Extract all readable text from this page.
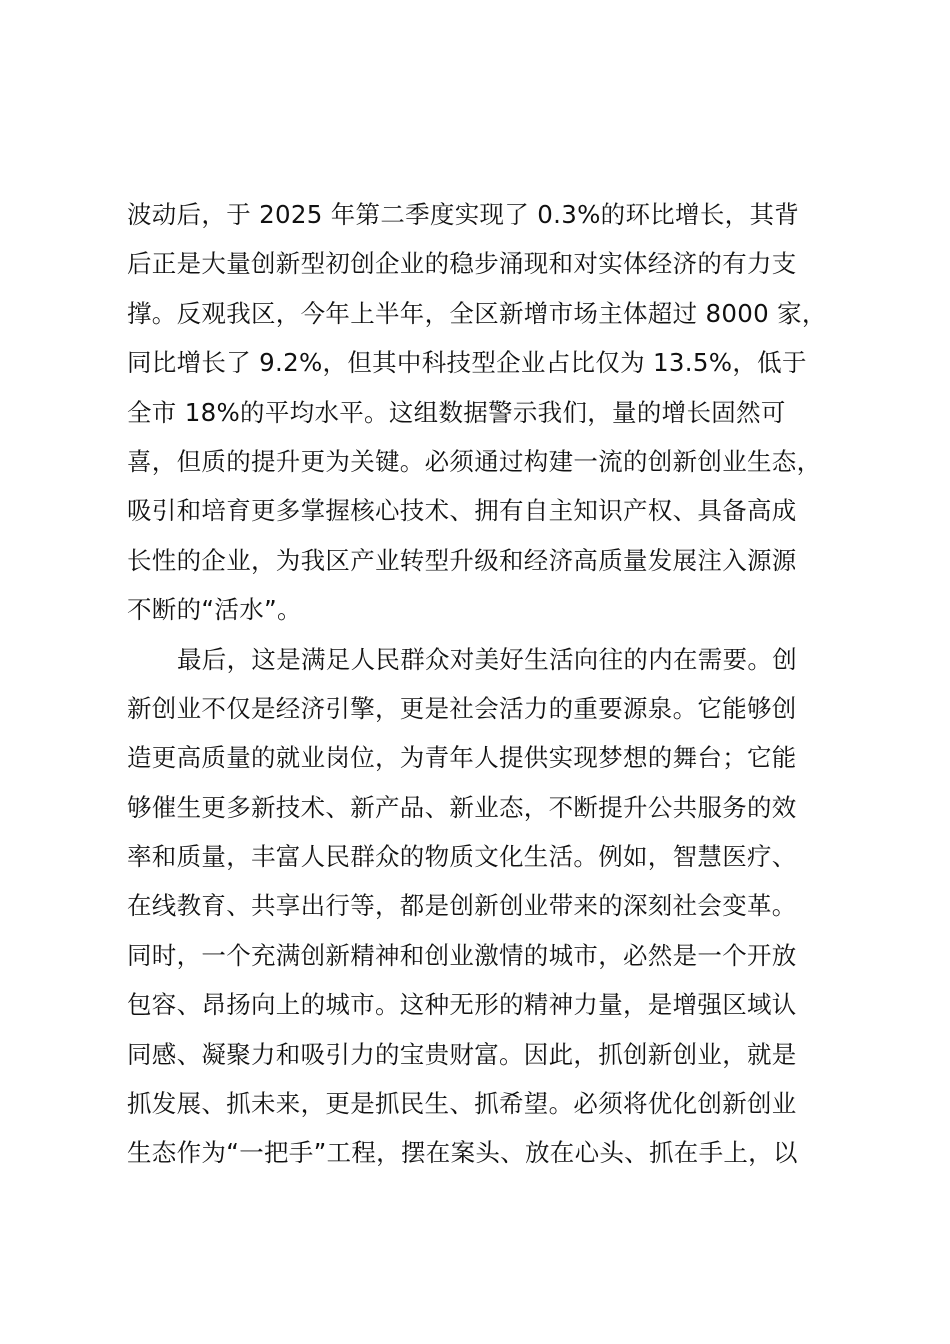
波动后，于 2025 年第二季度实现了 0.3%的环比增长，其背
后正是大量创新型初创企业的稳步涌现和对实体经济的有力支
撑。反观我区，今年上半年，全区新增市场主体超过 8000 家，
同比增长了 9.2%，但其中科技型企业占比仅为 13.5%，低于
全市 18%的平均水平。这组数据警示我们，量的增长固然可
喜，但质的提升更为关键。必须通过构建一流的创新创业生态，
吸引和培育更多掌握核心技术、拥有自主知识产权、具备高成
长性的企业，为我区产业转型升级和经济高质量发展注入源源
不断的“活水”。
最后，这是满足人民群众对美好生活向往的内在需要。创
新创业不仅是经济引擎，更是社会活力的重要源泉。它能够创
造更高质量的就业岗位，为青年人提供实现梦想的舞台；它能
够催生更多新技术、新产品、新业态，不断提升公共服务的效
率和质量，丰富人民群众的物质文化生活。例如，智慧医疗、
在线教育、共享出行等，都是创新创业带来的深刻社会变革。
同时，一个充满创新精神和创业激情的城市，必然是一个开放
包容、昂扬向上的城市。这种无形的精神力量，是增强区域认
同感、凝聚力和吸引力的宝贵财富。因此，抓创新创业，就是
抓发展、抓未来，更是抓民生、抓希望。必须将优化创新创业
生态作为“一把手”工程，摆在案头、放在心头、抓在手上，以
